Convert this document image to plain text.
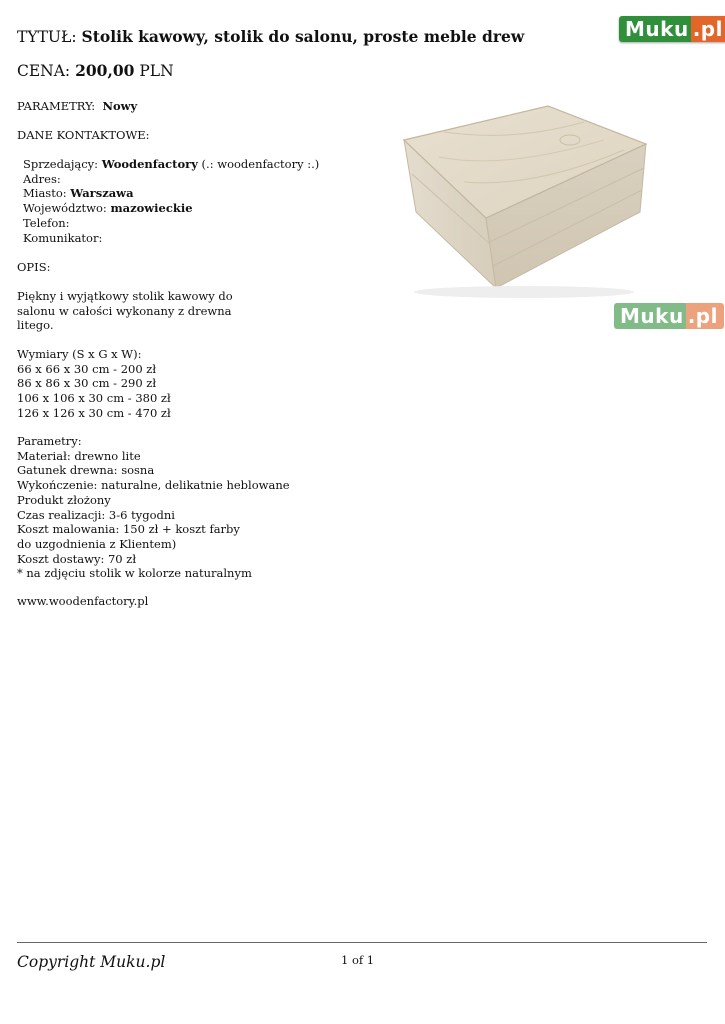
TYTUŁ: Stolik kawowy, stolik do salonu, proste meble drew
CENA: 200,00 PLN
Muku .pl
Muku .pl
PARAMETRY: Nowy
DANE KONTAKTOWE:
Sprzedający: Woodenfactory (.: woodenfactory :.)
Adres:
Miasto: Warszawa
Województwo: mazowieckie
Telefon:
Komunikator:
OPIS:
Piękny i wyjątkowy stolik kawowy do
salonu w całości wykonany z drewna
litego.
Wymiary (S x G x W):
66 x 66 x 30 cm - 200 zł
86 x 86 x 30 cm - 290 zł
106 x 106 x 30 cm - 380 zł
126 x 126 x 30 cm - 470 zł
Parametry:
Materiał: drewno lite
Gatunek drewna: sosna
Wykończenie: naturalne, delikatnie heblowane
Produkt złożony
Czas realizacji: 3-6 tygodni
Koszt malowania: 150 zł + koszt farby
do uzgodnienia z Klientem)
Koszt dostawy: 70 zł
* na zdjęciu stolik w kolorze naturalnym
www.woodenfactory.pl
Copyright Muku.pl	1 of 1
